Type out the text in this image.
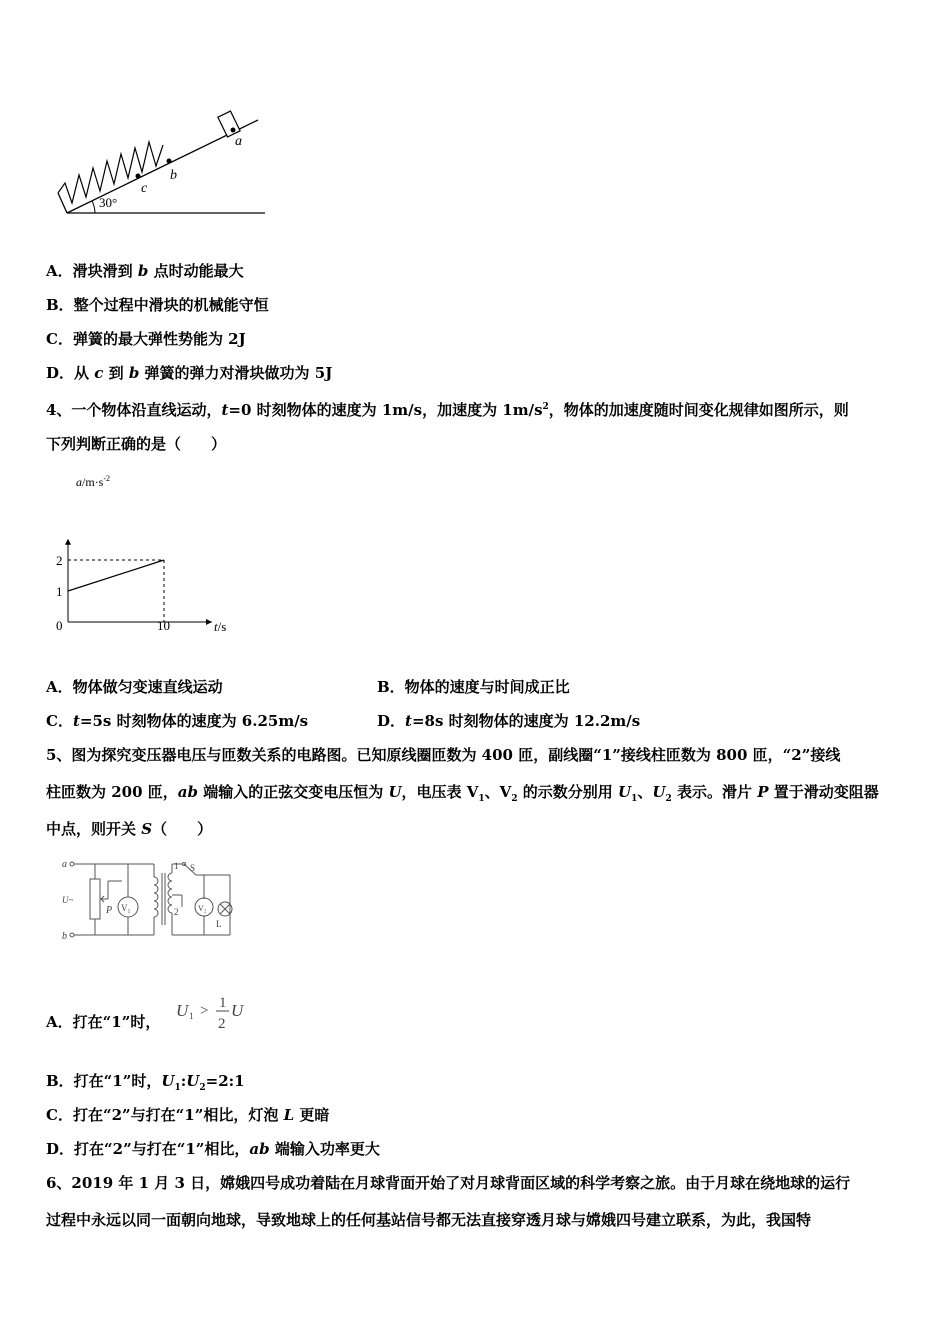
a
b
c
30°
A．滑块滑到 b 点时动能最大
B．整个过程中滑块的机械能守恒
C．弹簧的最大弹性势能为 2J
D．从 c 到 b 弹簧的弹力对滑块做功为 5J
4、一个物体沿直线运动，t=0 时刻物体的速度为 1m/s，加速度为 $1m/s^2$，物体的加速度随时间变化规律如图所示，则
下列判断正确的是（　　）
0	10
1
2
$a/m\cdot s^{-2}$
t/s
A．物体做匀变速直线运动	B．物体的速度与时间成正比
C．t=5s 时刻物体的速度为 6.25m/s	D．t=8s 时刻物体的速度为 12.2m/s
5、图为探究变压器电压与匝数关系的电路图。已知原线圈匝数为 400 匝，副线圈“1”接线柱匝数为 800 匝，“2”接线
柱匝数为 200 匝，ab 端输入的正弦交变电压恒为 U，电压表 $V_1$、$V_2$ 的示数分别用 $U_1$、$U_2$ 表示。滑片 P 置于滑动变阻器
中点，则开关 S（　　）
a
b
U~
P
S
1
2
L
V₁	V₂
A．打在“1”时，
U 1 > 1
2
U
B．打在“1”时，$U_1:U_2=2:1$
C．打在“2”与打在“1”相比，灯泡 L 更暗
D．打在“2”与打在“1”相比，ab 端输入功率更大
6、2019 年 1 月 3 日，嫦娥四号成功着陆在月球背面开始了对月球背面区域的科学考察之旅。由于月球在绕地球的运行
过程中永远以同一面朝向地球，导致地球上的任何基站信号都无法直接穿透月球与嫦娥四号建立联系，为此，我国特
